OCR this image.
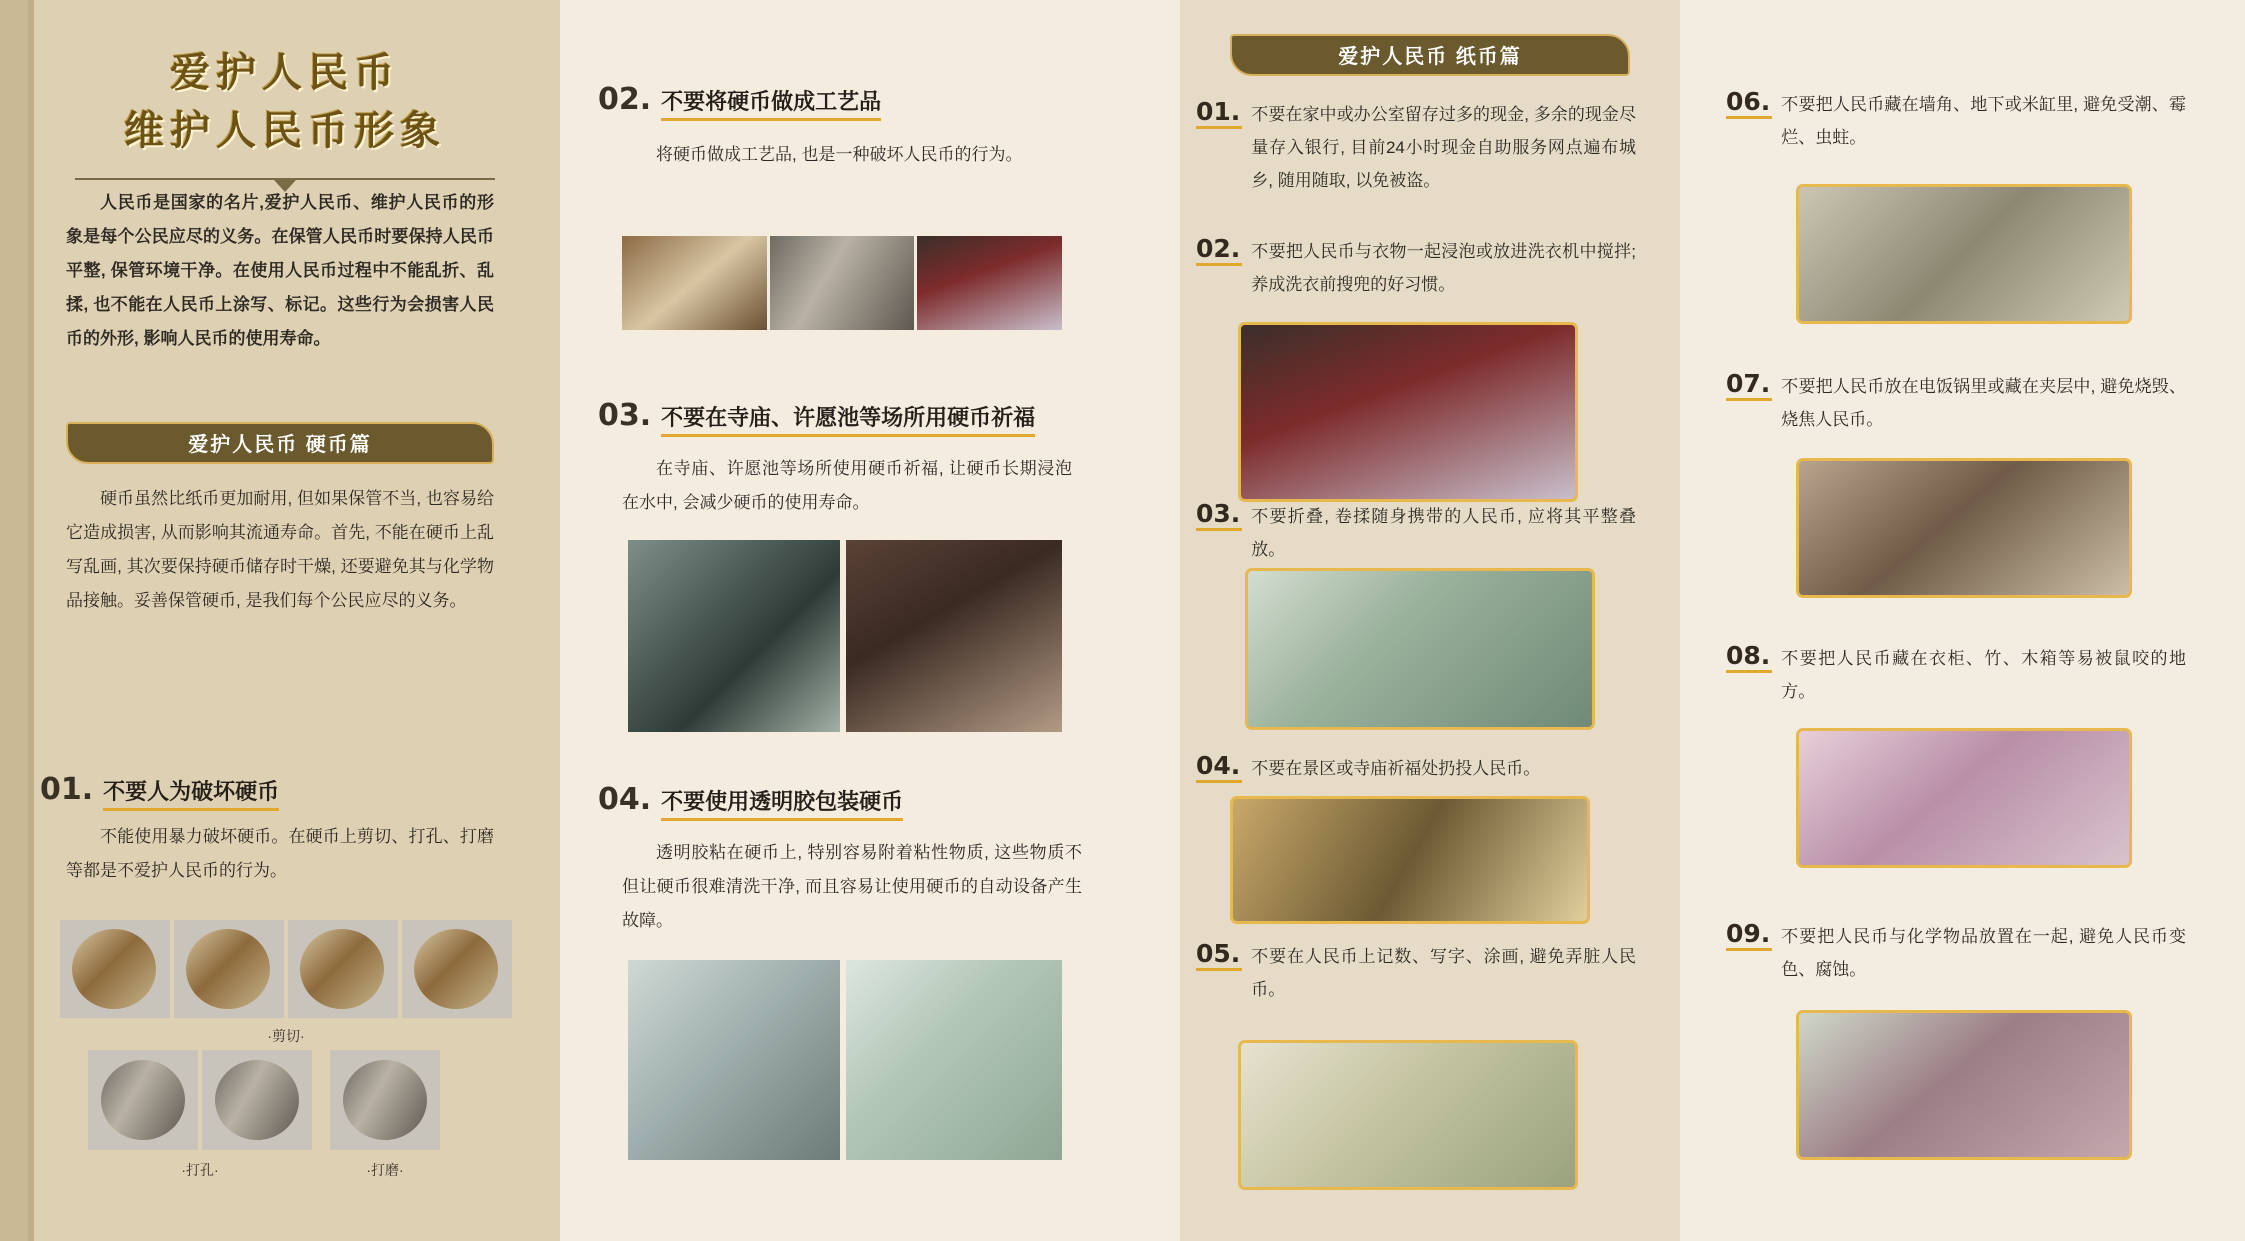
爱护人民币
维护人民币形象
人民币是国家的名片,爱护人民币、维护人民币的形象是每个公民应尽的义务。在保管人民币时要保持人民币平整, 保管环境干净。在使用人民币过程中不能乱折、乱揉, 也不能在人民币上涂写、标记。这些行为会损害人民币的外形, 影响人民币的使用寿命。
爱护人民币 硬币篇
硬币虽然比纸币更加耐用, 但如果保管不当, 也容易给它造成损害, 从而影响其流通寿命。首先, 不能在硬币上乱写乱画, 其次要保持硬币储存时干燥, 还要避免其与化学物品接触。妥善保管硬币, 是我们每个公民应尽的义务。
01. 不要人为破坏硬币
不能使用暴力破坏硬币。在硬币上剪切、打孔、打磨等都是不爱护人民币的行为。
·剪切·
·打孔·	·打磨·
02. 不要将硬币做成工艺品
将硬币做成工艺品, 也是一种破坏人民币的行为。
03. 不要在寺庙、许愿池等场所用硬币祈福
在寺庙、许愿池等场所使用硬币祈福, 让硬币长期浸泡在水中, 会减少硬币的使用寿命。
04. 不要使用透明胶包装硬币
透明胶粘在硬币上, 特别容易附着粘性物质, 这些物质不但让硬币很难清洗干净, 而且容易让使用硬币的自动设备产生故障。
爱护人民币 纸币篇
01. 不要在家中或办公室留存过多的现金, 多余的现金尽量存入银行, 目前24小时现金自助服务网点遍布城乡, 随用随取, 以免被盗。
02. 不要把人民币与衣物一起浸泡或放进洗衣机中搅拌; 养成洗衣前搜兜的好习惯。
03. 不要折叠, 卷揉随身携带的人民币, 应将其平整叠放。
04. 不要在景区或寺庙祈福处扔投人民币。
05. 不要在人民币上记数、写字、涂画, 避免弄脏人民币。
06. 不要把人民币藏在墙角、地下或米缸里, 避免受潮、霉烂、虫蛀。
07. 不要把人民币放在电饭锅里或藏在夹层中, 避免烧毁、烧焦人民币。
08. 不要把人民币藏在衣柜、竹、木箱等易被鼠咬的地方。
09. 不要把人民币与化学物品放置在一起, 避免人民币变色、腐蚀。
